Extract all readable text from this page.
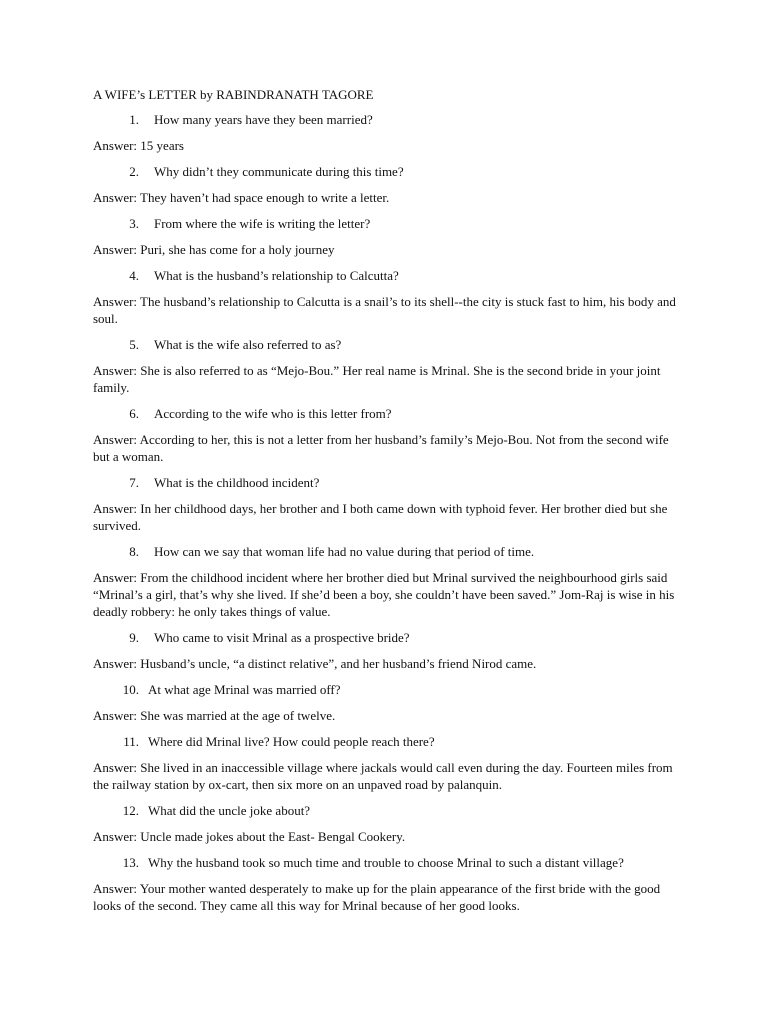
A WIFE’s LETTER by RABINDRANATH TAGORE
1. How many years have they been married?
Answer: 15 years
2. Why didn’t they communicate during this time?
Answer: They haven’t had space enough to write a letter.
3. From where the wife is writing the letter?
Answer: Puri, she has come for a holy journey
4. What is the husband’s relationship to Calcutta?
Answer: The husband’s relationship to Calcutta is a snail’s to its shell--the city is stuck fast to him, his body and soul.
5. What is the wife also referred to as?
Answer: She is also referred to as “Mejo-Bou.” Her real name is Mrinal. She is the second bride in your joint family.
6. According to the wife who is this letter from?
Answer: According to her, this is not a letter from her husband’s family’s Mejo-Bou. Not from the second wife but a woman.
7. What is the childhood incident?
Answer: In her childhood days, her brother and I both came down with typhoid fever. Her brother died but she survived.
8. How can we say that woman life had no value during that period of time.
Answer: From the childhood incident where her brother died but Mrinal survived the neighbourhood girls said “Mrinal’s a girl, that’s why she lived. If she’d been a boy, she couldn’t have been saved.” Jom-Raj is wise in his deadly robbery: he only takes things of value.
9. Who came to visit Mrinal as a prospective bride?
Answer: Husband’s uncle, “a distinct relative”, and her husband’s friend Nirod came.
10. At what age Mrinal was married off?
Answer: She was married at the age of twelve.
11. Where did Mrinal live? How could people reach there?
Answer: She lived in an inaccessible village where jackals would call even during the day. Fourteen miles from the railway station by ox-cart, then six more on an unpaved road by palanquin.
12. What did the uncle joke about?
Answer: Uncle made jokes about the East- Bengal Cookery.
13. Why the husband took so much time and trouble to choose Mrinal to such a distant village?
Answer: Your mother wanted desperately to make up for the plain appearance of the first bride with the good looks of the second. They came all this way for Mrinal because of her good looks.
